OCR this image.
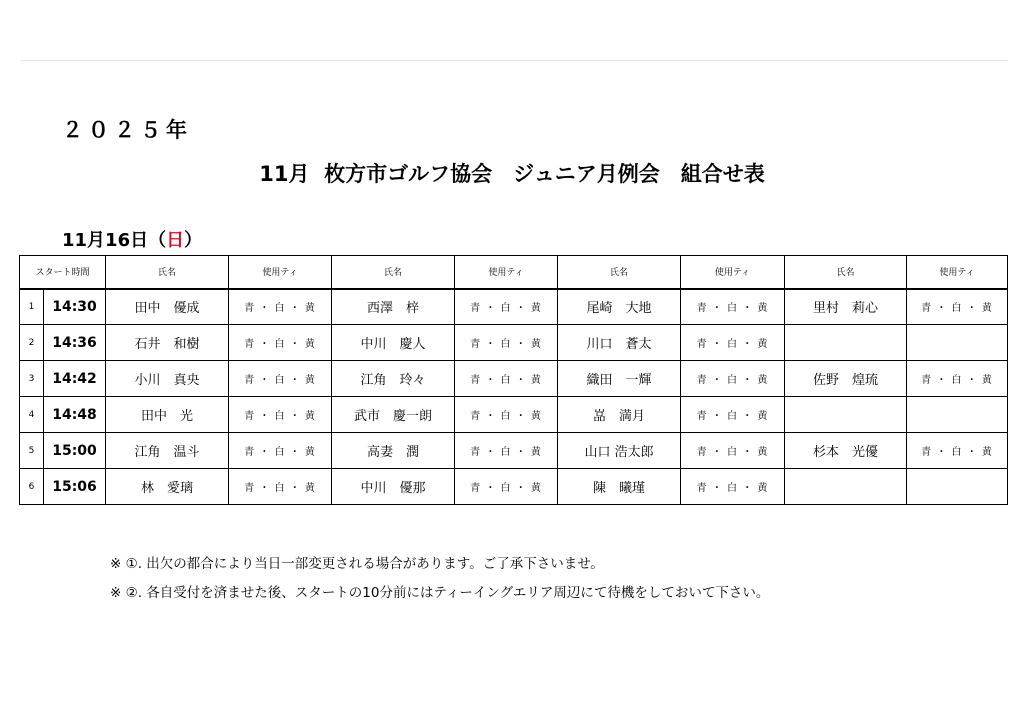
２０２５年
11月  枚方市ゴルフ協会　ジュニア月例会　組合せ表
11月16日（日）
スタート時間		氏名	使用ティ	氏名	使用ティ	氏名	使用ティ	氏名	使用ティ
1	14:30	田中　優成	青 ・ 白 ・ 黄	西澤　梓	青 ・ 白 ・ 黄	尾崎　大地	青 ・ 白 ・ 黄	里村　莉心	青 ・ 白 ・ 黄
2	14:36	石井　和樹	青 ・ 白 ・ 黄	中川　慶人	青 ・ 白 ・ 黄	川口　蒼太	青 ・ 白 ・ 黄		
3	14:42	小川　真央	青 ・ 白 ・ 黄	江角　玲々	青 ・ 白 ・ 黄	織田　一輝	青 ・ 白 ・ 黄	佐野　煌琉	青 ・ 白 ・ 黄
4	14:48	田中　光	青 ・ 白 ・ 黄	武市　慶一朗	青 ・ 白 ・ 黄	嵓　満月	青 ・ 白 ・ 黄		
5	15:00	江角　温斗	青 ・ 白 ・ 黄	高妻　潤	青 ・ 白 ・ 黄	山口 浩太郎	青 ・ 白 ・ 黄	杉本　光優	青 ・ 白 ・ 黄
6	15:06	林　愛璃	青 ・ 白 ・ 黄	中川　優那	青 ・ 白 ・ 黄	陳　曦瑾	青 ・ 白 ・ 黄		
※ ①. 出欠の都合により当日一部変更される場合があります。ご了承下さいませ。
※ ②. 各自受付を済ませた後、スタートの10分前にはティーイングエリア周辺にて待機をしておいて下さい。
